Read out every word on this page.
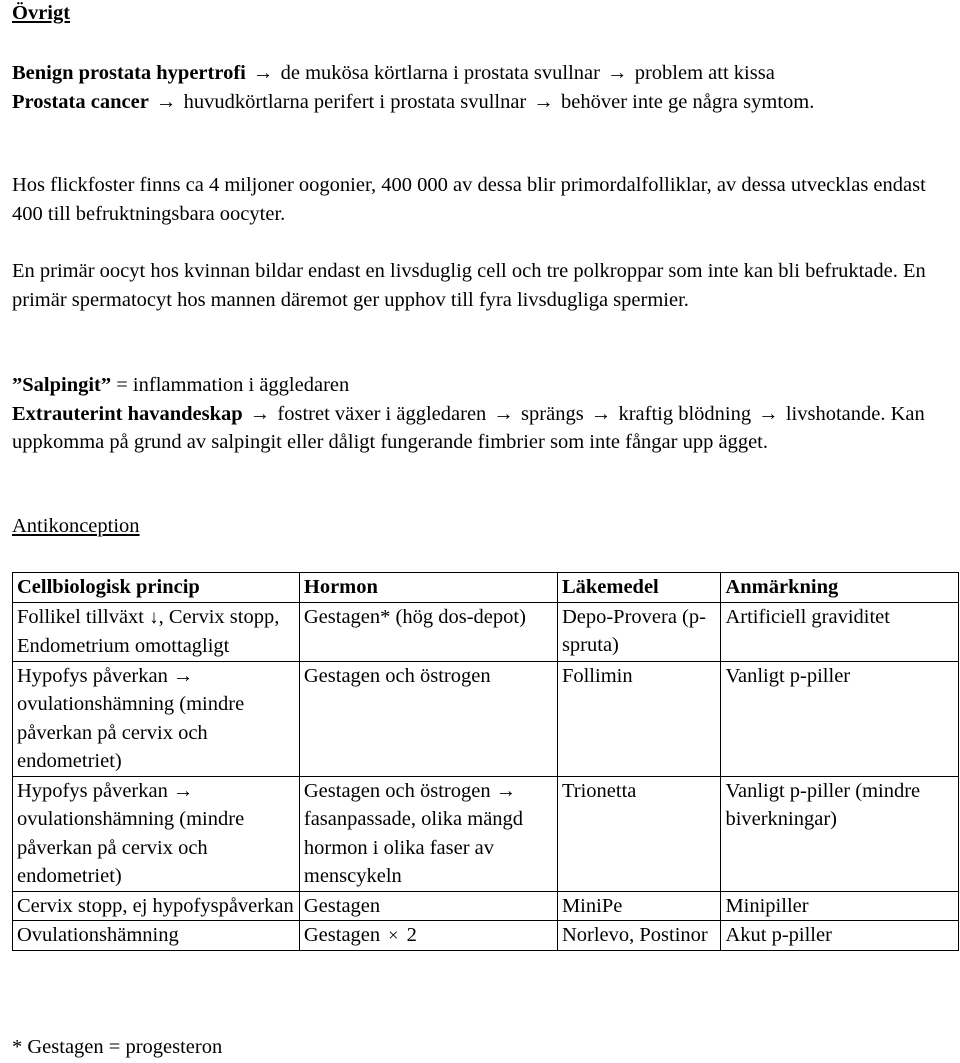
Övrigt
Benign prostata hypertrofi → de mukösa körtlarna i prostata svullnar → problem att kissa
Prostata cancer → huvudkörtlarna perifert i prostata svullnar → behöver inte ge några symtom.
Hos flickfoster finns ca 4 miljoner oogonier, 400 000 av dessa blir primordalfolliklar, av dessa utvecklas endast 400 till befruktningsbara oocyter.
En primär oocyt hos kvinnan bildar endast en livsduglig cell och tre polkroppar som inte kan bli befruktade. En primär spermatocyt hos mannen däremot ger upphov till fyra livsdugliga spermier.
”Salpingit” = inflammation i äggledaren
Extrauterint havandeskap → fostret växer i äggledaren → sprängs → kraftig blödning → livshotande. Kan uppkomma på grund av salpingit eller dåligt fungerande fimbrier som inte fångar upp ägget.
Antikonception
Cellbiologisk princip	Hormon	Läkemedel	Anmärkning
Follikel tillväxt ↓, Cervix stopp, Endometrium omottagligt	Gestagen* (hög dos-depot)	Depo-Provera (p-spruta)	Artificiell graviditet
Hypofys påverkan → ovulationshämning (mindre påverkan på cervix och endometriet)	Gestagen och östrogen	Follimin	Vanligt p-piller
Hypofys påverkan → ovulationshämning (mindre påverkan på cervix och endometriet)	Gestagen och östrogen → fasanpassade, olika mängd hormon i olika faser av menscykeln	Trionetta	Vanligt p-piller (mindre biverkningar)
Cervix stopp, ej hypofyspåverkan	Gestagen	MiniPe	Minipiller
Ovulationshämning	Gestagen × 2	Norlevo, Postinor	Akut p-piller
* Gestagen = progesteron
